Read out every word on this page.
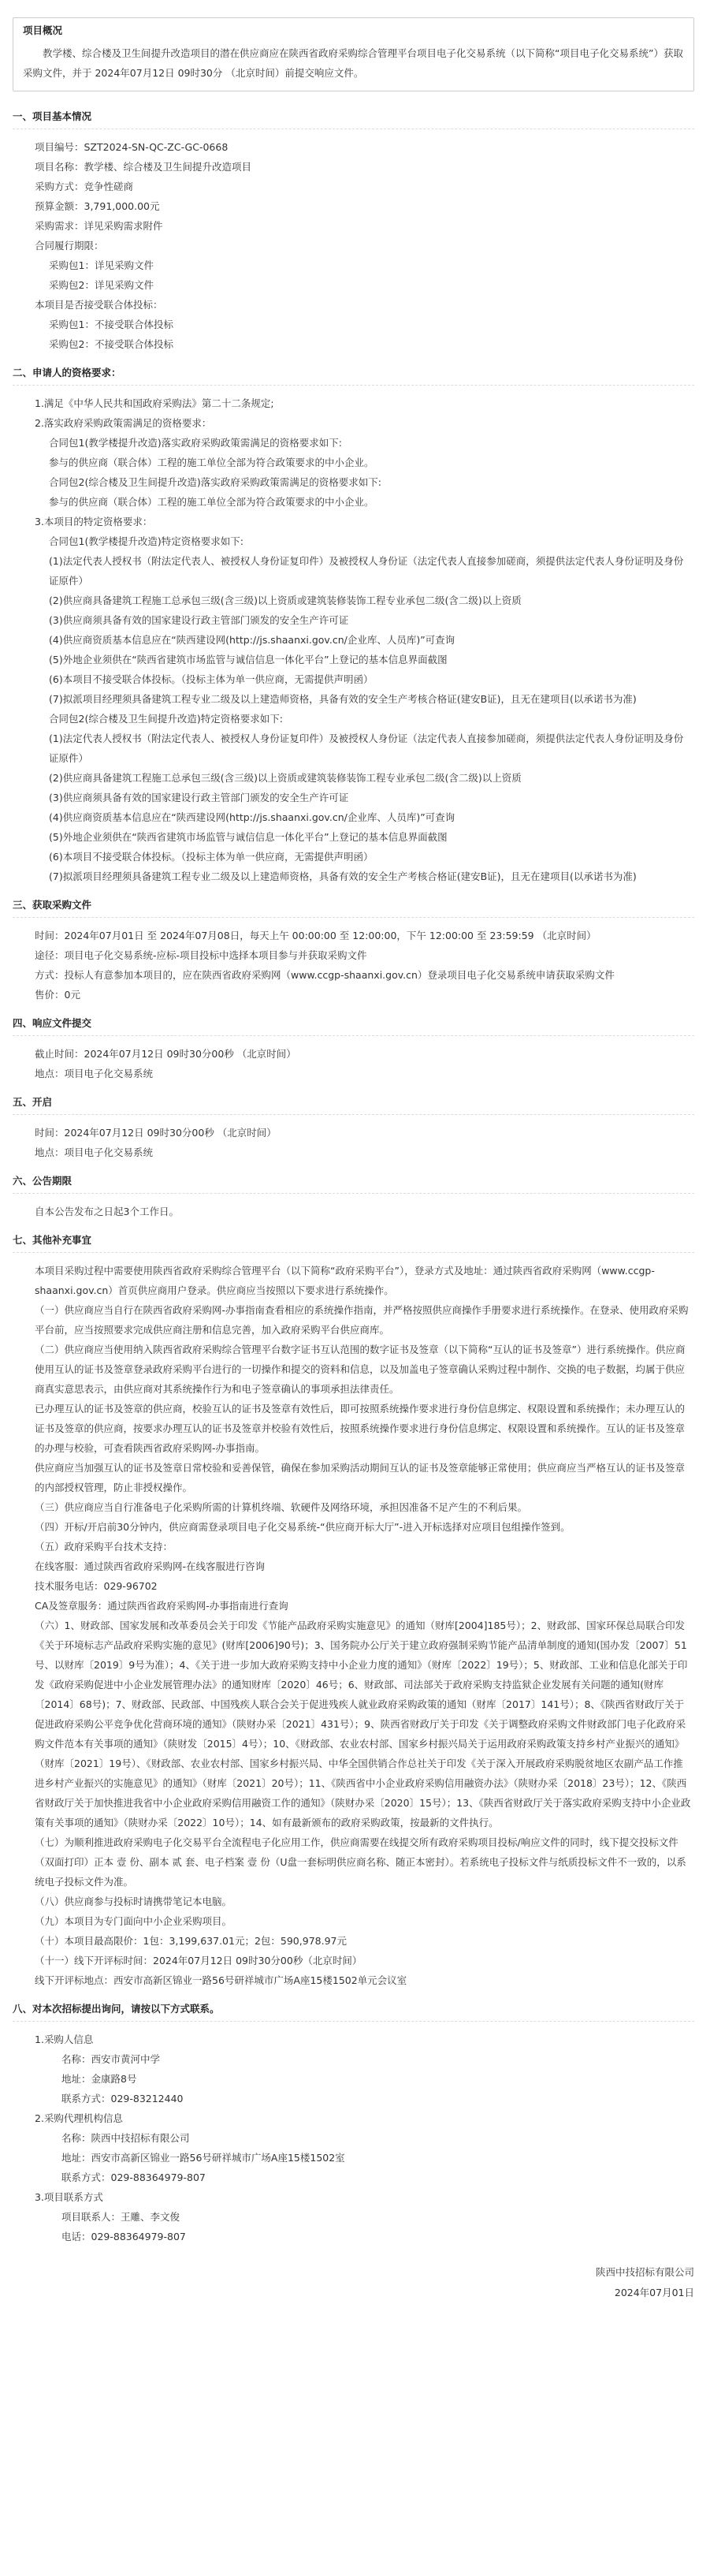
项目概况
教学楼、综合楼及卫生间提升改造项目的潜在供应商应在陕西省政府采购综合管理平台项目电子化交易系统（以下简称“项目电子化交易系统”）获取采购文件，并于 2024年07月12日 09时30分 （北京时间）前提交响应文件。
一、项目基本情况
项目编号：SZT2024-SN-QC-ZC-GC-0668
项目名称：教学楼、综合楼及卫生间提升改造项目
采购方式：竞争性磋商
预算金额：3,791,000.00元
采购需求：详见采购需求附件
合同履行期限：
采购包1：详见采购文件
采购包2：详见采购文件
本项目是否接受联合体投标：
采购包1：不接受联合体投标
采购包2：不接受联合体投标
二、申请人的资格要求：
1.满足《中华人民共和国政府采购法》第二十二条规定;
2.落实政府采购政策需满足的资格要求：
合同包1(教学楼提升改造)落实政府采购政策需满足的资格要求如下:
参与的供应商（联合体）工程的施工单位全部为符合政策要求的中小企业。
合同包2(综合楼及卫生间提升改造)落实政府采购政策需满足的资格要求如下:
参与的供应商（联合体）工程的施工单位全部为符合政策要求的中小企业。
3.本项目的特定资格要求：
合同包1(教学楼提升改造)特定资格要求如下:
(1)法定代表人授权书（附法定代表人、被授权人身份证复印件）及被授权人身份证（法定代表人直接参加磋商，须提供法定代表人身份证明及身份证原件）
(2)供应商具备建筑工程施工总承包三级(含三级)以上资质或建筑装修装饰工程专业承包二级(含二级)以上资质
(3)供应商须具备有效的国家建设行政主管部门颁发的安全生产许可证
(4)供应商资质基本信息应在“陕西建设网(http://js.shaanxi.gov.cn/企业库、人员库)”可查询
(5)外地企业须供在“陕西省建筑市场监管与诚信信息一体化平台”上登记的基本信息界面截图
(6)本项目不接受联合体投标。（投标主体为单一供应商，无需提供声明函）
(7)拟派项目经理须具备建筑工程专业二级及以上建造师资格，具备有效的安全生产考核合格证(建安B证)，且无在建项目(以承诺书为准)
合同包2(综合楼及卫生间提升改造)特定资格要求如下:
(1)法定代表人授权书（附法定代表人、被授权人身份证复印件）及被授权人身份证（法定代表人直接参加磋商，须提供法定代表人身份证明及身份证原件）
(2)供应商具备建筑工程施工总承包三级(含三级)以上资质或建筑装修装饰工程专业承包二级(含二级)以上资质
(3)供应商须具备有效的国家建设行政主管部门颁发的安全生产许可证
(4)供应商资质基本信息应在“陕西建设网(http://js.shaanxi.gov.cn/企业库、人员库)”可查询
(5)外地企业须供在“陕西省建筑市场监管与诚信信息一体化平台”上登记的基本信息界面截图
(6)本项目不接受联合体投标。（投标主体为单一供应商，无需提供声明函）
(7)拟派项目经理须具备建筑工程专业二级及以上建造师资格，具备有效的安全生产考核合格证(建安B证)，且无在建项目(以承诺书为准)
三、获取采购文件
时间：2024年07月01日 至 2024年07月08日，每天上午 00:00:00 至 12:00:00，下午 12:00:00 至 23:59:59 （北京时间）
途径：项目电子化交易系统-应标-项目投标中选择本项目参与并获取采购文件
方式：投标人有意参加本项目的，应在陕西省政府采购网（www.ccgp-shaanxi.gov.cn）登录项目电子化交易系统申请获取采购文件
售价：0元
四、响应文件提交
截止时间：2024年07月12日 09时30分00秒 （北京时间）
地点：项目电子化交易系统
五、开启
时间：2024年07月12日 09时30分00秒 （北京时间）
地点：项目电子化交易系统
六、公告期限
自本公告发布之日起3个工作日。
七、其他补充事宜
本项目采购过程中需要使用陕西省政府采购综合管理平台（以下简称“政府采购平台”），登录方式及地址：通过陕西省政府采购网（www.ccgp-shaanxi.gov.cn）首页供应商用户登录。供应商应当按照以下要求进行系统操作。
（一）供应商应当自行在陕西省政府采购网-办事指南查看相应的系统操作指南，并严格按照供应商操作手册要求进行系统操作。在登录、使用政府采购平台前，应当按照要求完成供应商注册和信息完善，加入政府采购平台供应商库。
（二）供应商应当使用纳入陕西省政府采购综合管理平台数字证书互认范围的数字证书及签章（以下简称“互认的证书及签章”）进行系统操作。供应商使用互认的证书及签章登录政府采购平台进行的一切操作和提交的资料和信息，以及加盖电子签章确认采购过程中制作、交换的电子数据，均属于供应商真实意思表示，由供应商对其系统操作行为和电子签章确认的事项承担法律责任。
已办理互认的证书及签章的供应商，校验互认的证书及签章有效性后，即可按照系统操作要求进行身份信息绑定、权限设置和系统操作；未办理互认的证书及签章的供应商，按要求办理互认的证书及签章并校验有效性后，按照系统操作要求进行身份信息绑定、权限设置和系统操作。互认的证书及签章的办理与校验，可查看陕西省政府采购网-办事指南。
供应商应当加强互认的证书及签章日常校验和妥善保管，确保在参加采购活动期间互认的证书及签章能够正常使用；供应商应当严格互认的证书及签章的内部授权管理，防止非授权操作。
（三）供应商应当自行准备电子化采购所需的计算机终端、软硬件及网络环境，承担因准备不足产生的不利后果。
（四）开标/开启前30分钟内，供应商需登录项目电子化交易系统-“供应商开标大厅”-进入开标选择对应项目包组操作签到。
（五）政府采购平台技术支持：
在线客服：通过陕西省政府采购网-在线客服进行咨询
技术服务电话：029-96702
CA及签章服务：通过陕西省政府采购网-办事指南进行查询
（六）1、财政部、国家发展和改革委员会关于印发《节能产品政府采购实施意见》的通知（财库[2004]185号）；2、财政部、国家环保总局联合印发《关于环境标志产品政府采购实施的意见》(财库[2006]90号)；3、国务院办公厅关于建立政府强制采购节能产品清单制度的通知(国办发〔2007〕51号、以财库〔2019〕9号为准）；4、《关于进一步加大政府采购支持中小企业力度的通知》（财库〔2022〕19号）；5、财政部、工业和信息化部关于印发《政府采购促进中小企业发展管理办法》的通知财库〔2020〕46号；6、财政部、司法部关于政府采购支持监狱企业发展有关问题的通知(财库〔2014〕68号)；7、财政部、民政部、中国残疾人联合会关于促进残疾人就业政府采购政策的通知（财库〔2017〕141号）；8、《陕西省财政厅关于促进政府采购公平竞争优化营商环境的通知》（陕财办采〔2021〕431号）；9、陕西省财政厅关于印发《关于调整政府采购文件财政部门电子化政府采购文件范本有关事项的通知》（陕财发〔2015〕4号）；10、《财政部、农业农村部、国家乡村振兴局关于运用政府采购政策支持乡村产业振兴的通知》（财库〔2021〕19号）、《财政部、农业农村部、国家乡村振兴局、中华全国供销合作总社关于印发《关于深入开展政府采购脱贫地区农副产品工作推进乡村产业振兴的实施意见》的通知》（财库〔2021〕20号）；11、《陕西省中小企业政府采购信用融资办法》（陕财办采〔2018〕23号）；12、《陕西省财政厅关于加快推进我省中小企业政府采购信用融资工作的通知》（陕财办采〔2020〕15号）；13、《陕西省财政厅关于落实政府采购支持中小企业政策有关事项的通知》（陕财办采〔2022〕10号）；14、如有最新颁布的政府采购政策，按最新的文件执行。
（七）为顺利推进政府采购电子化交易平台全流程电子化应用工作，供应商需要在线提交所有政府采购项目投标/响应文件的同时，线下提交投标文件（双面打印）正本 壹 份、副本 贰 套、电子档案 壹 份（U盘一套标明供应商名称、随正本密封）。若系统电子投标文件与纸质投标文件不一致的，以系统电子投标文件为准。
（八）供应商参与投标时请携带笔记本电脑。
（九）本项目为专门面向中小企业采购项目。
（十）本项目最高限价：1包：3,199,637.01元；2包：590,978.97元
（十一）线下开评标时间：2024年07月12日 09时30分00秒（北京时间）
线下开评标地点：西安市高新区锦业一路56号研祥城市广场A座15楼1502单元会议室
八、对本次招标提出询问，请按以下方式联系。
1.采购人信息
名称：西安市黄河中学
地址：金康路8号
联系方式：029-83212440
2.采购代理机构信息
名称：陕西中技招标有限公司
地址：西安市高新区锦业一路56号研祥城市广场A座15楼1502室
联系方式：029-88364979-807
3.项目联系方式
项目联系人：王雕、李文俊
电话：029-88364979-807
陕西中技招标有限公司
2024年07月01日
